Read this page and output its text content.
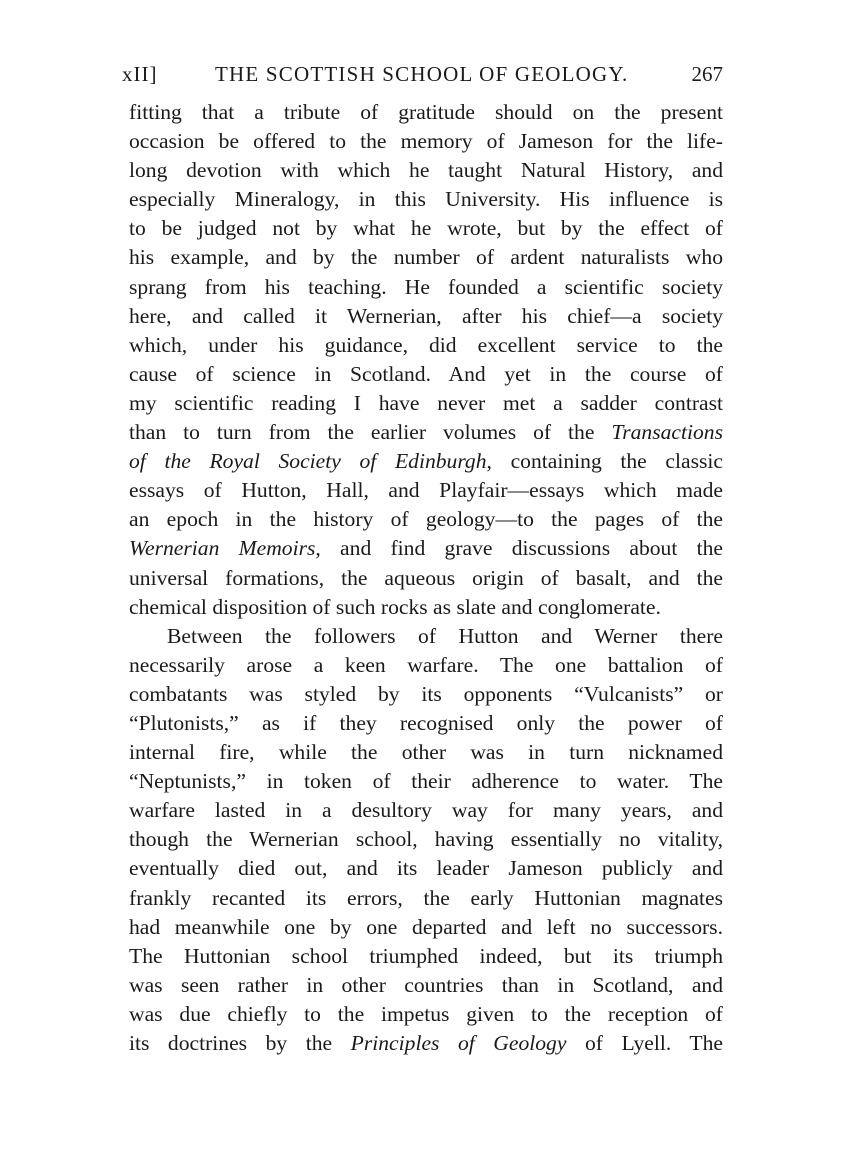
xII]	THE SCOTTISH SCHOOL OF GEOLOGY.	267
fitting that a tribute of gratitude should on the present
occasion be offered to the memory of Jameson for the life-
long devotion with which he taught Natural History, and
especially Mineralogy, in this University. His influence is
to be judged not by what he wrote, but by the effect of
his example, and by the number of ardent naturalists who
sprang from his teaching. He founded a scientific society
here, and called it Wernerian, after his chief—a society
which, under his guidance, did excellent service to the
cause of science in Scotland. And yet in the course of
my scientific reading I have never met a sadder contrast
than to turn from the earlier volumes of the Transactions
of the Royal Society of Edinburgh, containing the classic
essays of Hutton, Hall, and Playfair—essays which made
an epoch in the history of geology—to the pages of the
Wernerian Memoirs, and find grave discussions about the
universal formations, the aqueous origin of basalt, and the
chemical disposition of such rocks as slate and conglomerate.
Between the followers of Hutton and Werner there
necessarily arose a keen warfare. The one battalion of
combatants was styled by its opponents “Vulcanists” or
“Plutonists,” as if they recognised only the power of
internal fire, while the other was in turn nicknamed
“Neptunists,” in token of their adherence to water. The
warfare lasted in a desultory way for many years, and
though the Wernerian school, having essentially no vitality,
eventually died out, and its leader Jameson publicly and
frankly recanted its errors, the early Huttonian magnates
had meanwhile one by one departed and left no successors.
The Huttonian school triumphed indeed, but its triumph
was seen rather in other countries than in Scotland, and
was due chiefly to the impetus given to the reception of
its doctrines by the Principles of Geology of Lyell. The
